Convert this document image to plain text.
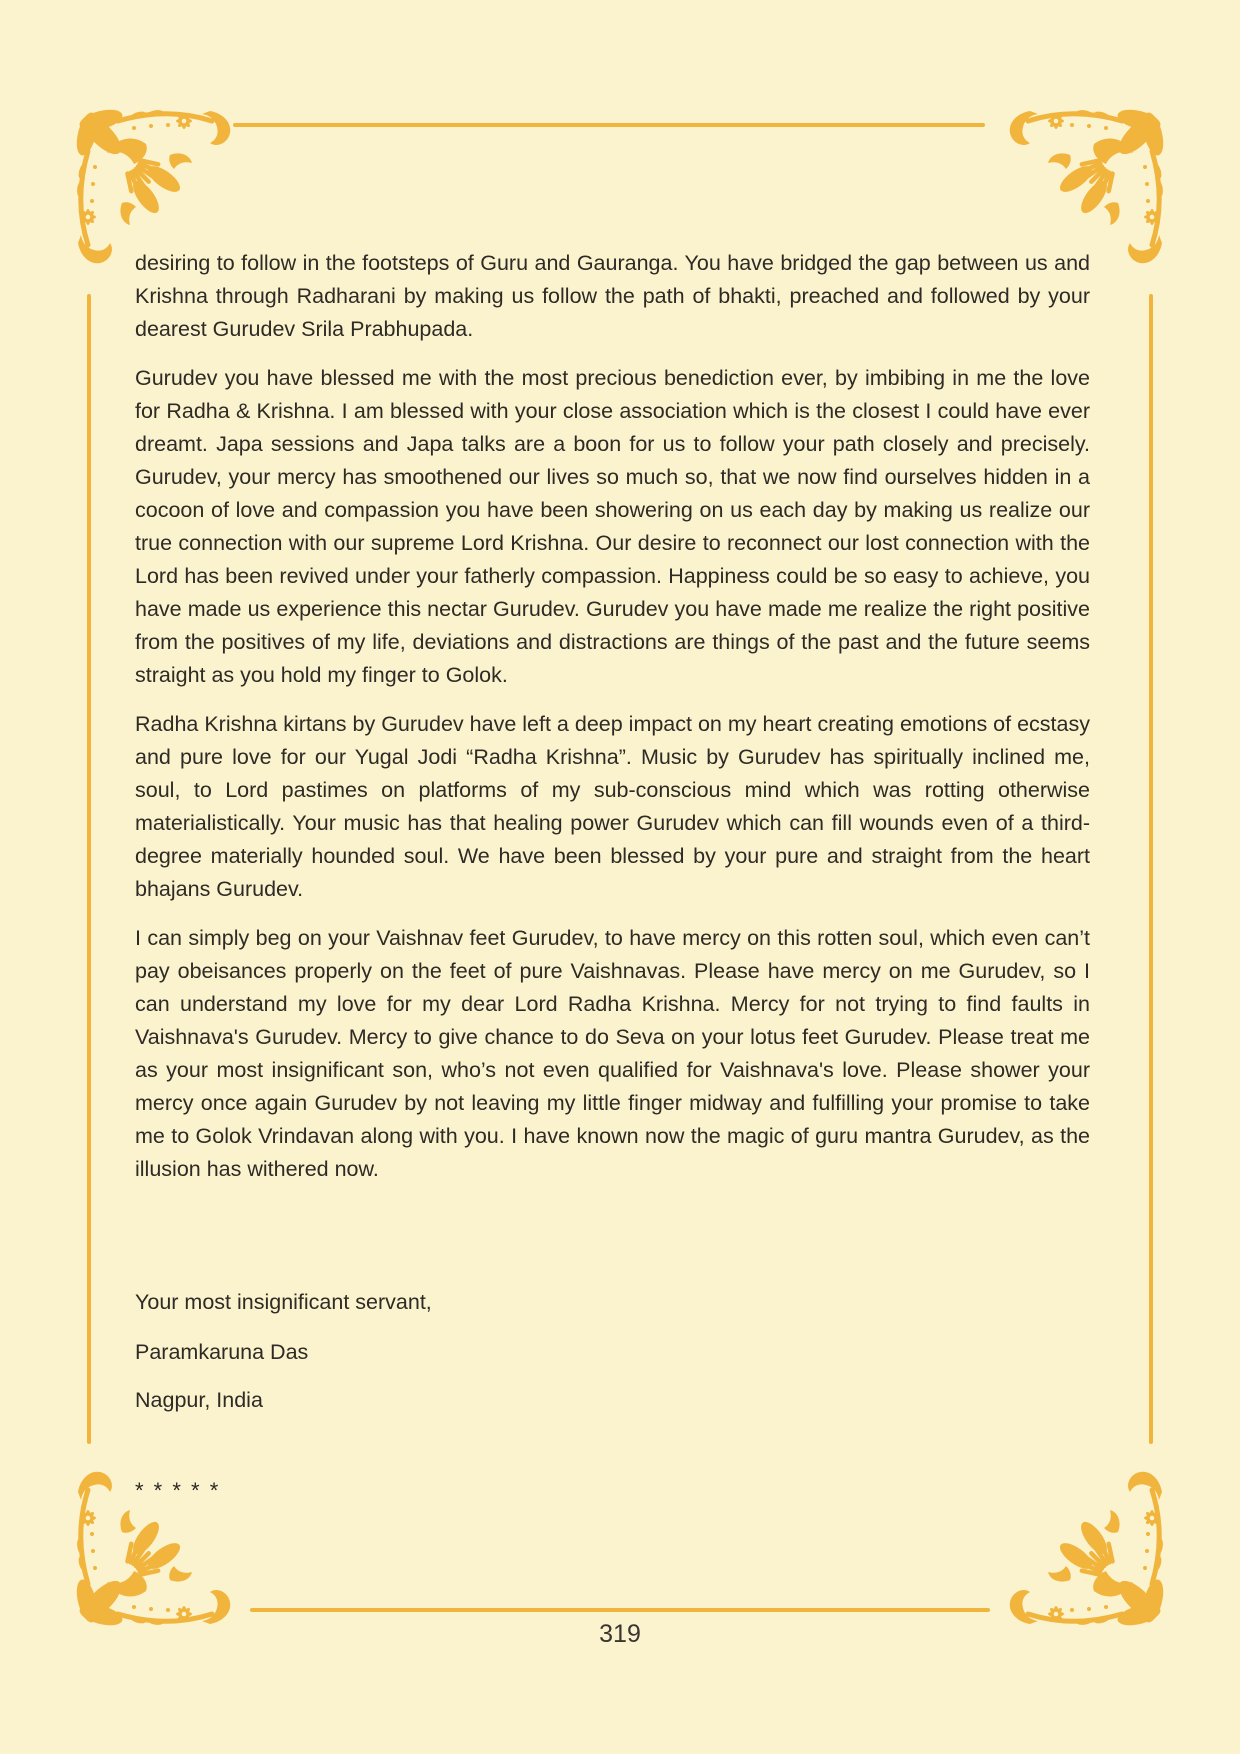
desiring to follow in the footsteps of Guru and Gauranga. You have bridged the gap between us and Krishna through Radharani by making us follow the path of bhakti, preached and followed by your dearest Gurudev Srila Prabhupada.

Gurudev you have blessed me with the most precious benediction ever, by imbibing in me the love for Radha & Krishna. I am blessed with your close association which is the closest I could have ever dreamt. Japa sessions and Japa talks are a boon for us to follow your path closely and precisely. Gurudev, your mercy has smoothened our lives so much so, that we now find ourselves hidden in a cocoon of love and compassion you have been showering on us each day by making us realize our true connection with our supreme Lord Krishna. Our desire to reconnect our lost connection with the Lord has been revived under your fatherly compassion. Happiness could be so easy to achieve, you have made us experience this nectar Gurudev. Gurudev you have made me realize the right positive from the positives of my life, deviations and distractions are things of the past and the future seems straight as you hold my finger to Golok.

Radha Krishna kirtans by Gurudev have left a deep impact on my heart creating emotions of ecstasy and pure love for our Yugal Jodi “Radha Krishna”. Music by Gurudev has spiritually inclined me, soul, to Lord pastimes on platforms of my sub-conscious mind which was rotting otherwise materialistically. Your music has that healing power Gurudev which can fill wounds even of a third-degree materially hounded soul. We have been blessed by your pure and straight from the heart bhajans Gurudev.

I can simply beg on your Vaishnav feet Gurudev, to have mercy on this rotten soul, which even can’t pay obeisances properly on the feet of pure Vaishnavas. Please have mercy on me Gurudev, so I can understand my love for my dear Lord Radha Krishna. Mercy for not trying to find faults in Vaishnava's Gurudev. Mercy to give chance to do Seva on your lotus feet Gurudev. Please treat me as your most insignificant son, who’s not even qualified for Vaishnava's love. Please shower your mercy once again Gurudev by not leaving my little finger midway and fulfilling your promise to take me to Golok Vrindavan along with you. I have known now the magic of guru mantra Gurudev, as the illusion has withered now.

Your most insignificant servant,
Paramkaruna Das
Nagpur, India
* * * * *
319
